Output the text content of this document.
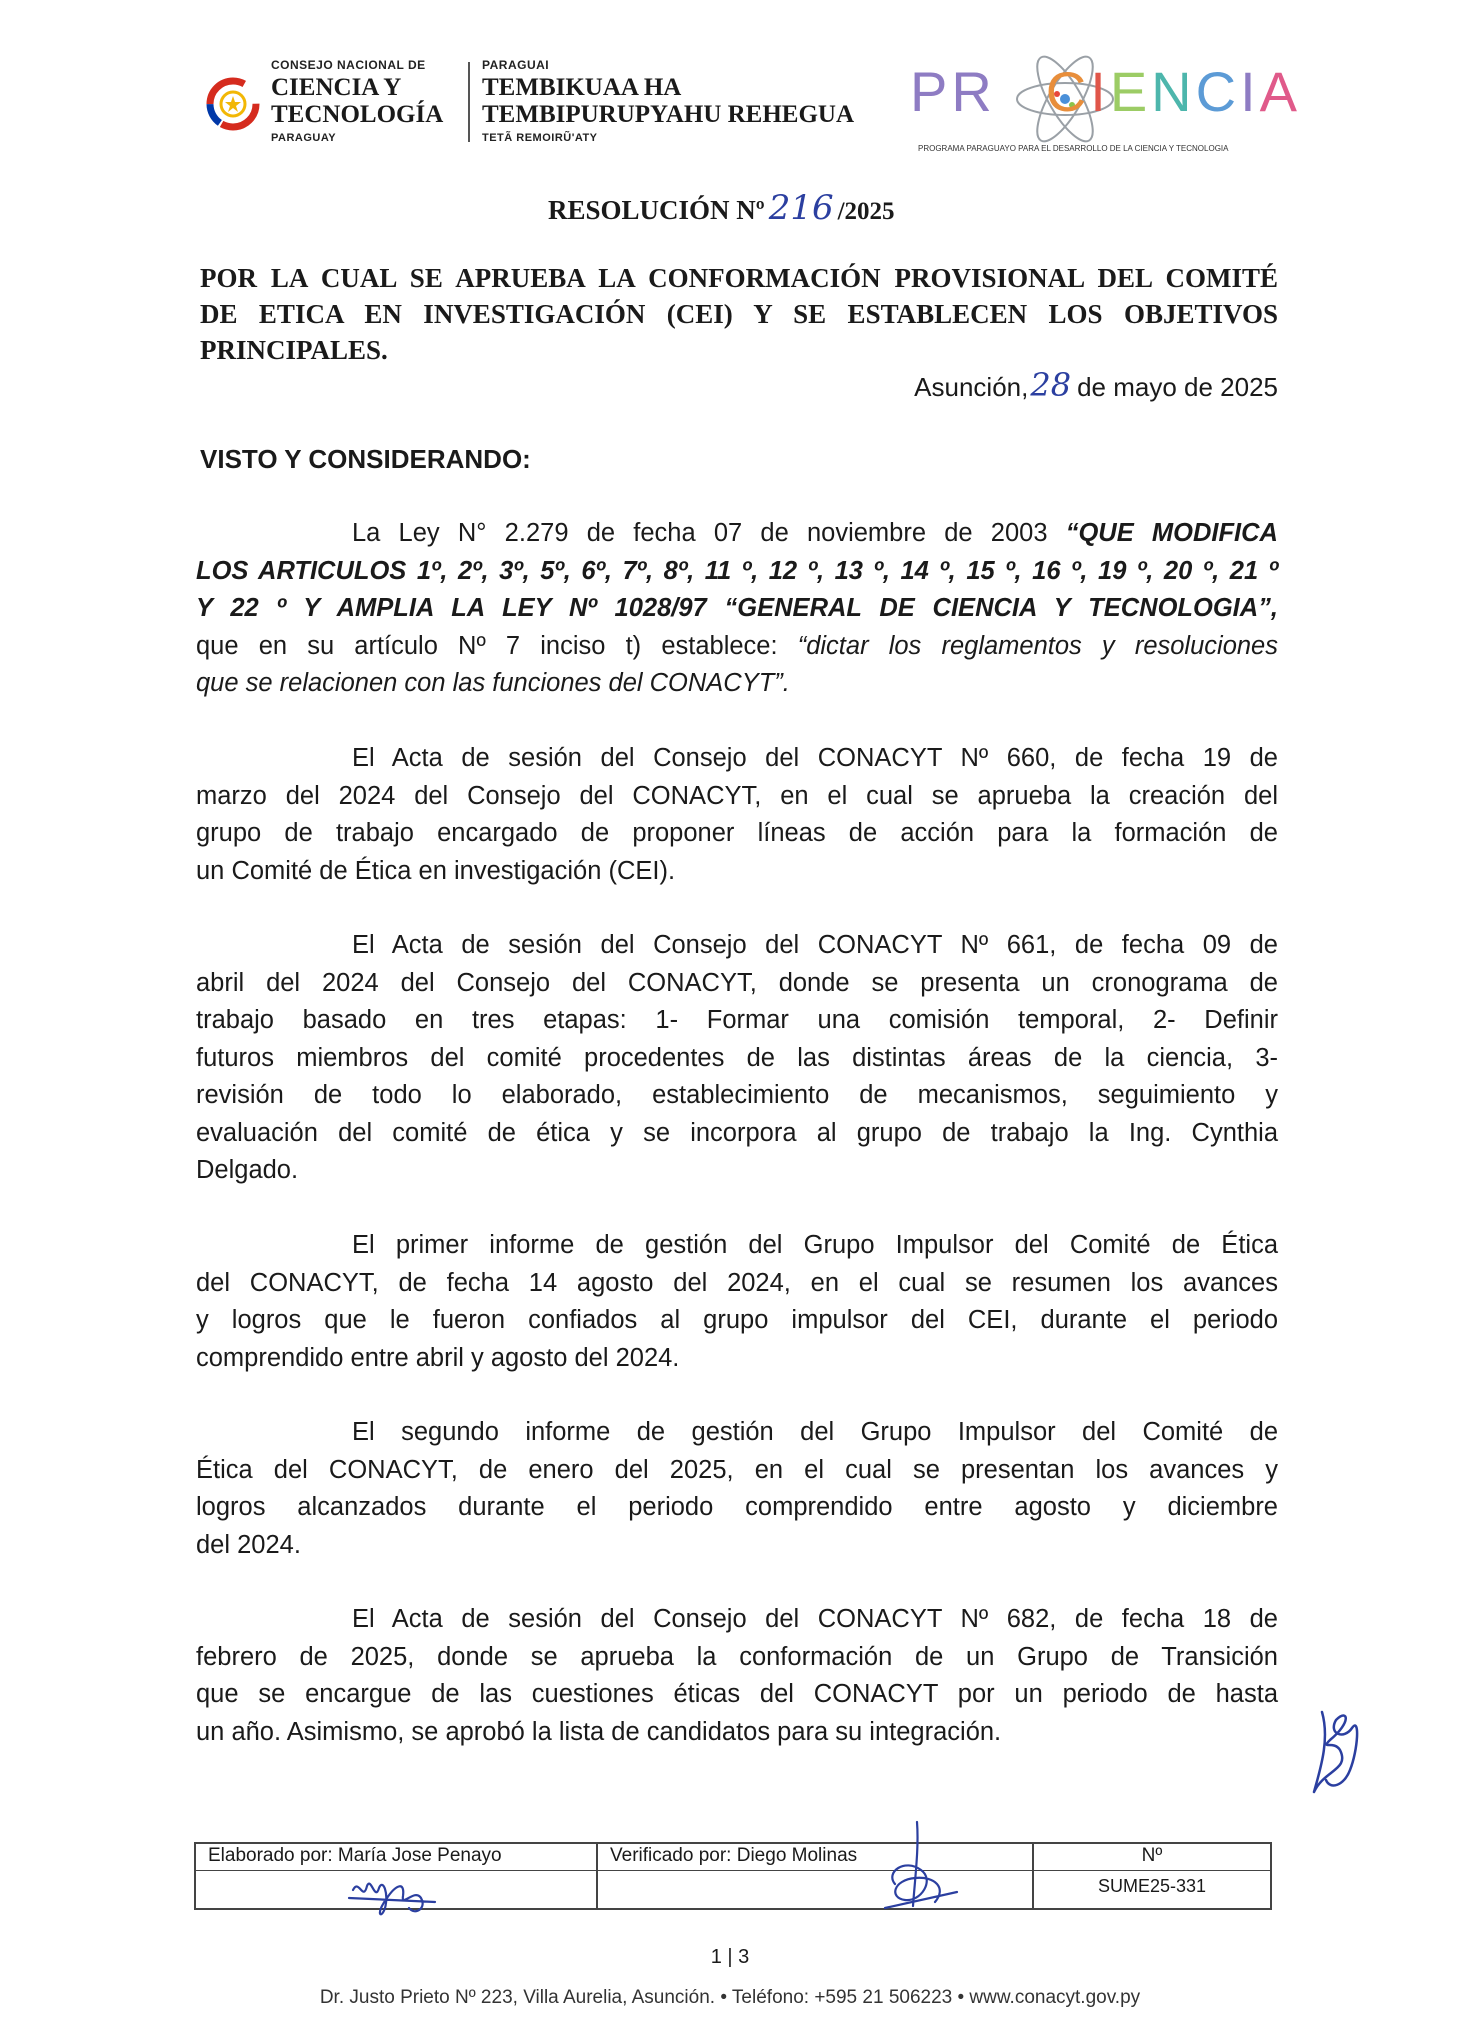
CONSEJO NACIONAL DE
CIENCIA Y
TECNOLOGÍA
PARAGUAY
PARAGUAI
TEMBIKUAA HA
TEMBIPURUPYAHU REHEGUA
TETÃ REMOIRŨ'ATY
PR CIENCIA
PROGRAMA PARAGUAYO PARA EL DESARROLLO DE LA CIENCIA Y TECNOLOGIA
RESOLUCIÓN Nº 216 /2025
POR LA CUAL SE APRUEBA LA CONFORMACIÓN PROVISIONAL DEL COMITÉ
DE ETICA EN INVESTIGACIÓN (CEI) Y SE ESTABLECEN LOS OBJETIVOS
PRINCIPALES.
Asunción,28 de mayo de 2025
VISTO Y CONSIDERANDO:
La Ley N° 2.279 de fecha 07 de noviembre de 2003 “QUE MODIFICA
LOS ARTICULOS 1º, 2º, 3º, 5º, 6º, 7º, 8º, 11 º, 12 º, 13 º, 14 º, 15 º, 16 º, 19 º, 20 º, 21 º
Y 22 º Y AMPLIA LA LEY Nº 1028/97 “GENERAL DE CIENCIA Y TECNOLOGIA”,
que en su artículo Nº 7 inciso t) establece: “dictar los reglamentos y resoluciones
que se relacionen con las funciones del CONACYT”.
El Acta de sesión del Consejo del CONACYT Nº 660, de fecha 19 de
marzo del 2024 del Consejo del CONACYT, en el cual se aprueba la creación del
grupo de trabajo encargado de proponer líneas de acción para la formación de
un Comité de Ética en investigación (CEI).
El Acta de sesión del Consejo del CONACYT Nº 661, de fecha 09 de
abril del 2024 del Consejo del CONACYT, donde se presenta un cronograma de
trabajo basado en tres etapas: 1- Formar una comisión temporal, 2- Definir
futuros miembros del comité procedentes de las distintas áreas de la ciencia, 3-
revisión de todo lo elaborado, establecimiento de mecanismos, seguimiento y
evaluación del comité de ética y se incorpora al grupo de trabajo la Ing. Cynthia
Delgado.
El primer informe de gestión del Grupo Impulsor del Comité de Ética
del CONACYT, de fecha 14 agosto del 2024, en el cual se resumen los avances
y logros que le fueron confiados al grupo impulsor del CEI, durante el periodo
comprendido entre abril y agosto del 2024.
El segundo informe de gestión del Grupo Impulsor del Comité de
Ética del CONACYT, de enero del 2025, en el cual se presentan los avances y
logros alcanzados durante el periodo comprendido entre agosto y diciembre
del 2024.
El Acta de sesión del Consejo del CONACYT Nº 682, de fecha 18 de
febrero de 2025, donde se aprueba la conformación de un Grupo de Transición
que se encargue de las cuestiones éticas del CONACYT por un periodo de hasta
un año. Asimismo, se aprobó la lista de candidatos para su integración.
Elaborado por: María Jose Penayo	Verificado por: Diego Molinas	Nº
SUME25-331
1 | 3
Dr. Justo Prieto Nº 223, Villa Aurelia, Asunción. • Teléfono: +595 21 506223 • www.conacyt.gov.py
